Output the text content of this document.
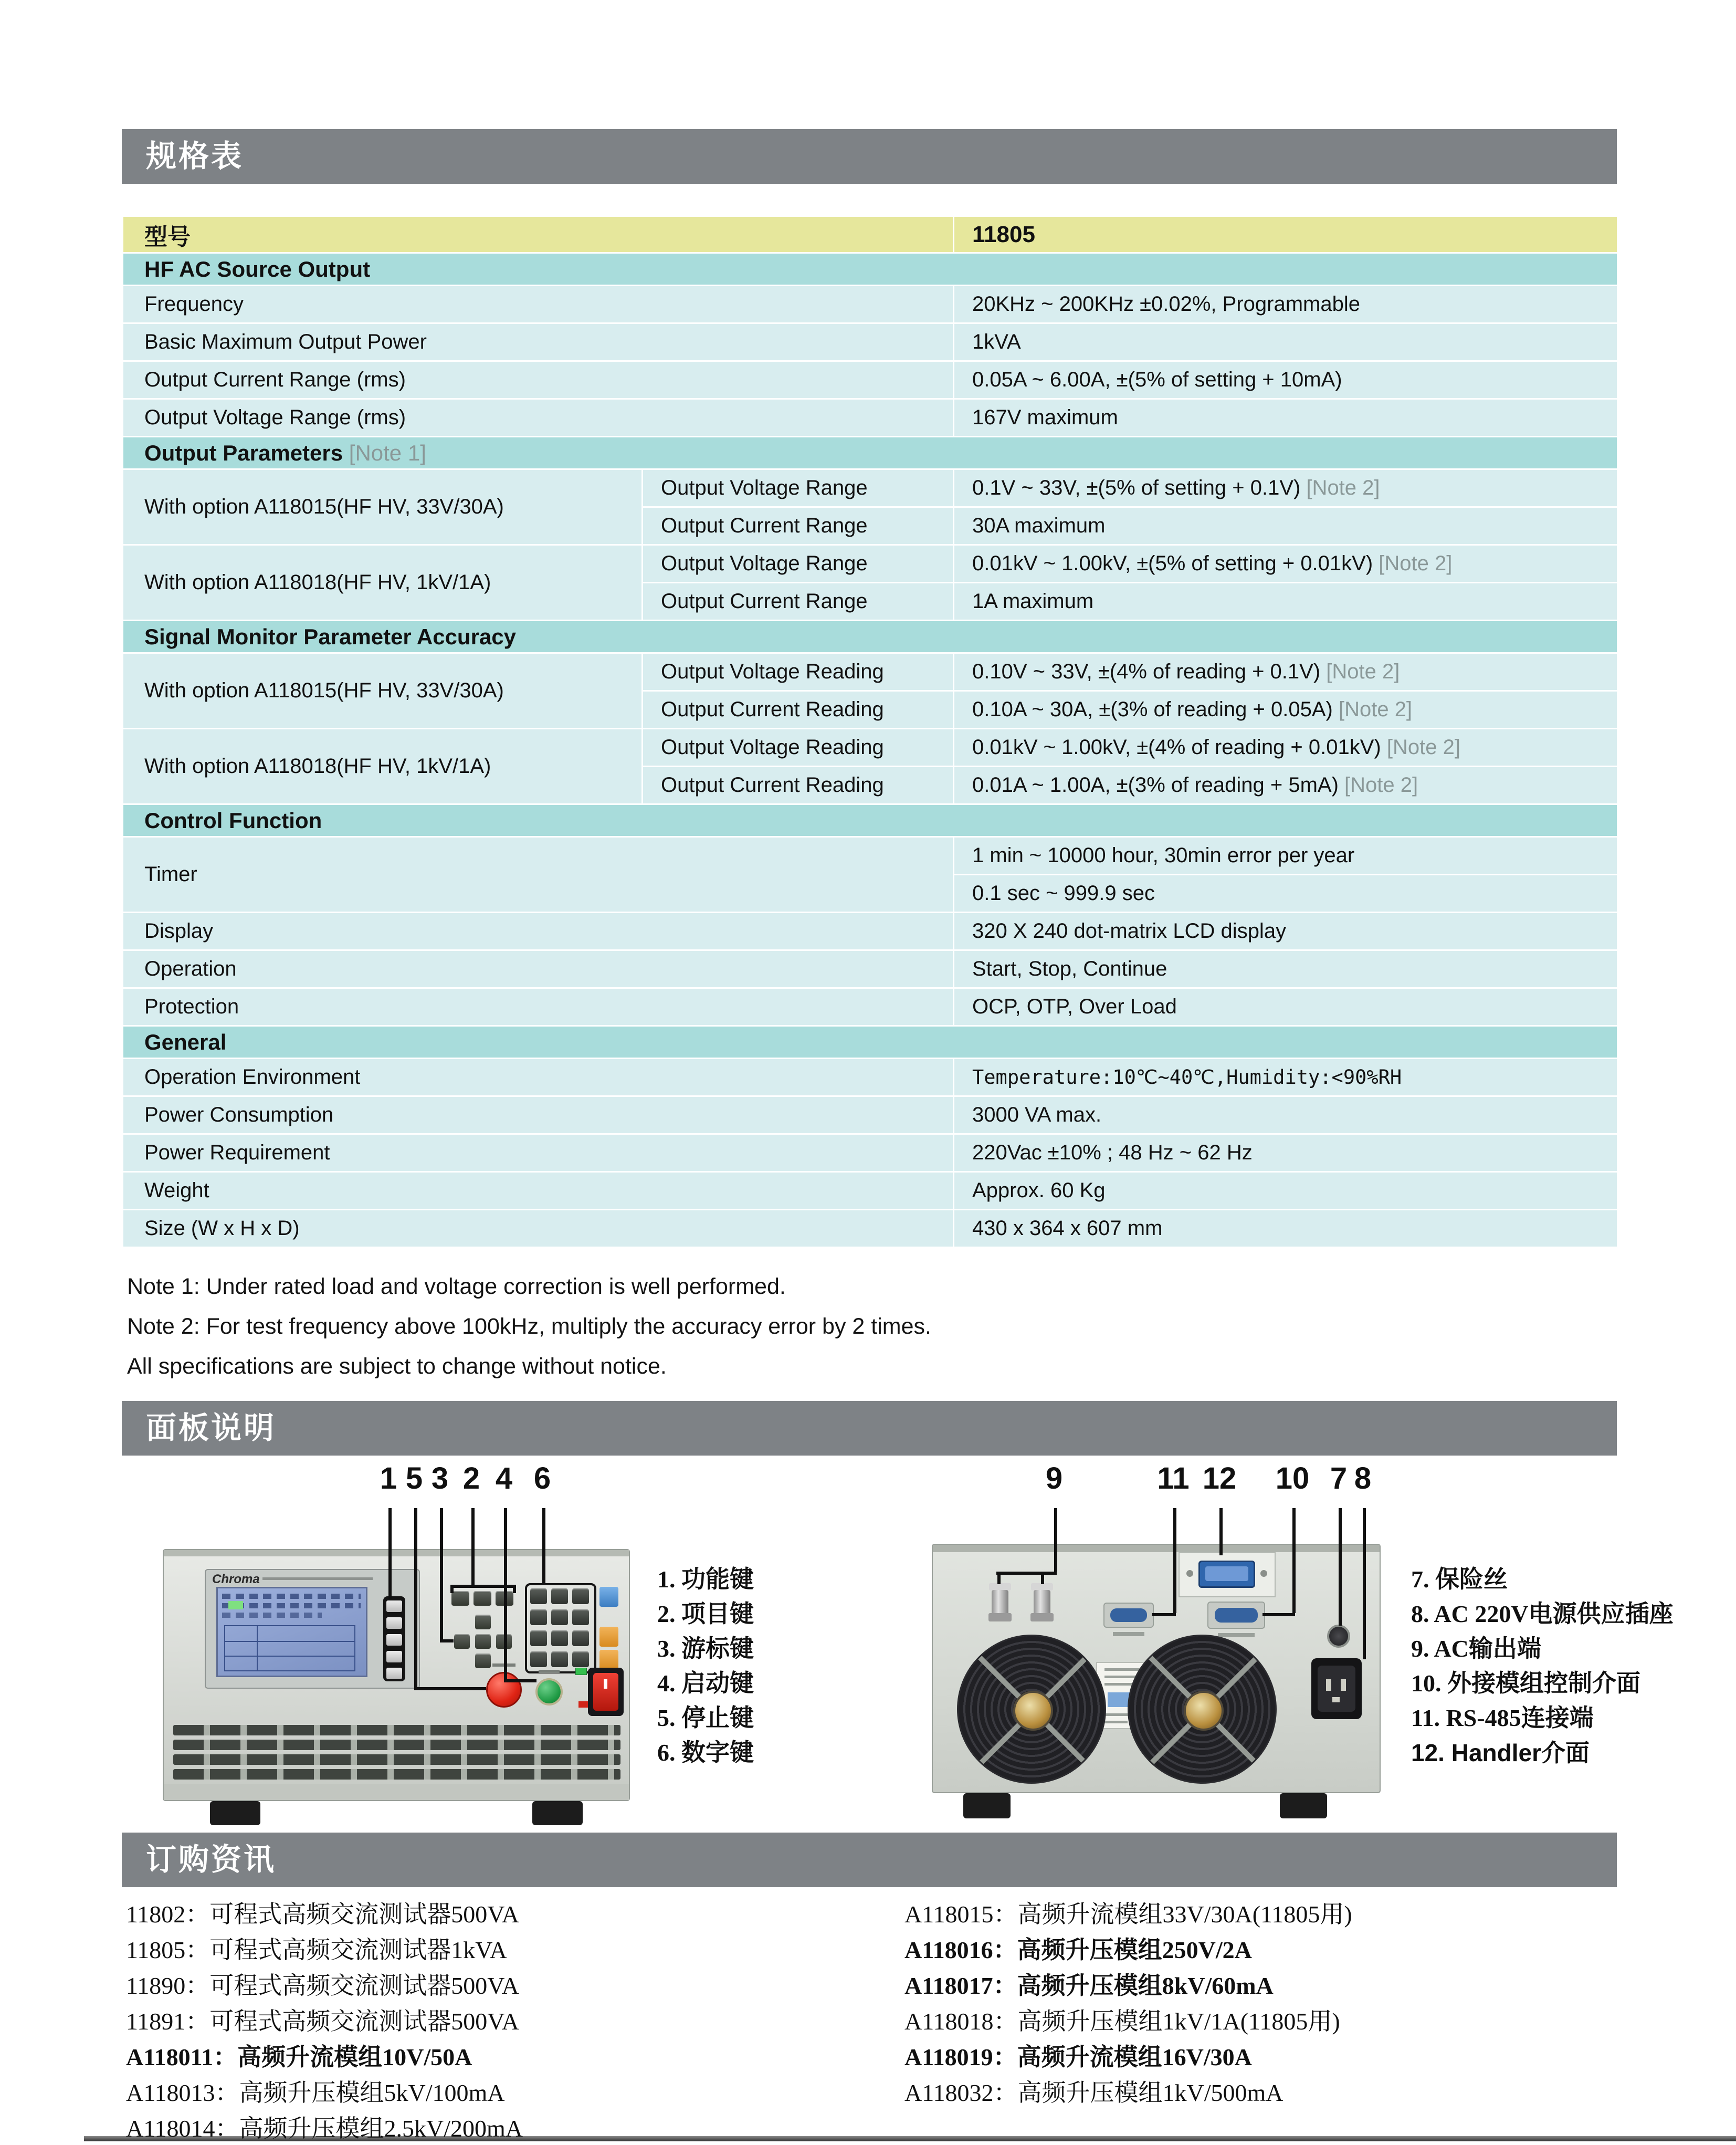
规格表
面板说明
订购资讯
型号		11805
HF AC Source Output		
Frequency		20KHz ~ 200KHz ±0.02%, Programmable
Basic Maximum Output Power		1kVA
Output Current Range (rms)		0.05A ~ 6.00A, ±(5% of setting + 10mA)
Output Voltage Range (rms)		167V maximum
Output Parameters [Note 1]		
With option A118015(HF HV, 33V/30A)	Output Voltage Range	0.1V ~ 33V, ±(5% of setting + 0.1V) [Note 2]
	Output Current Range	30A maximum
With option A118018(HF HV, 1kV/1A)	Output Voltage Range	0.01kV ~ 1.00kV, ±(5% of setting + 0.01kV) [Note 2]
	Output Current Range	1A maximum
Signal Monitor Parameter Accuracy		
With option A118015(HF HV, 33V/30A)	Output Voltage Reading	0.10V ~ 33V, ±(4% of reading + 0.1V) [Note 2]
	Output Current Reading	0.10A ~ 30A, ±(3% of reading + 0.05A) [Note 2]
With option A118018(HF HV, 1kV/1A)	Output Voltage Reading	0.01kV ~ 1.00kV, ±(4% of reading + 0.01kV) [Note 2]
	Output Current Reading	0.01A ~ 1.00A, ±(3% of reading + 5mA) [Note 2]
Control Function		
Timer		1 min ~ 10000 hour, 30min error per year
		0.1 sec ~ 999.9 sec
Display		320 X 240 dot-matrix LCD display
Operation		Start, Stop, Continue
Protection		OCP, OTP, Over Load
General		
Operation Environment		Temperature:10℃~40℃,Humidity:<90%RH
Power Consumption		3000 VA max.
Power Requirement		220Vac ±10% ; 48 Hz ~ 62 Hz
Weight		Approx. 60 Kg
Size (W x H x D)		430 x 364 x 607 mm
Note 1: Under rated load and voltage correction is well performed.
Note 2: For test frequency above 100kHz, multiply the accuracy error by 2 times.
All specifications are subject to change without notice.
Chroma
1 5 3 2 4 6	9	11 12 10 7 8
1. 功能键
2. 项目键
3. 游标键
4. 启动键
5. 停止键
6. 数字键
7. 保险丝
8. AC 220V电源供应插座
9. AC输出端
10. 外接模组控制介面
11. RS-485连接端
12. Handler介面
11802：可程式高频交流测试器500VA
11805：可程式高频交流测试器1kVA
11890：可程式高频交流测试器500VA
11891：可程式高频交流测试器500VA
A118011：高频升流模组10V/50A
A118013：高频升压模组5kV/100mA
A118014：高频升压模组2.5kV/200mA
A118015：高频升流模组33V/30A(11805用)
A118016：高频升压模组250V/2A
A118017：高频升压模组8kV/60mA
A118018：高频升压模组1kV/1A(11805用)
A118019：高频升流模组16V/30A
A118032：高频升压模组1kV/500mA
